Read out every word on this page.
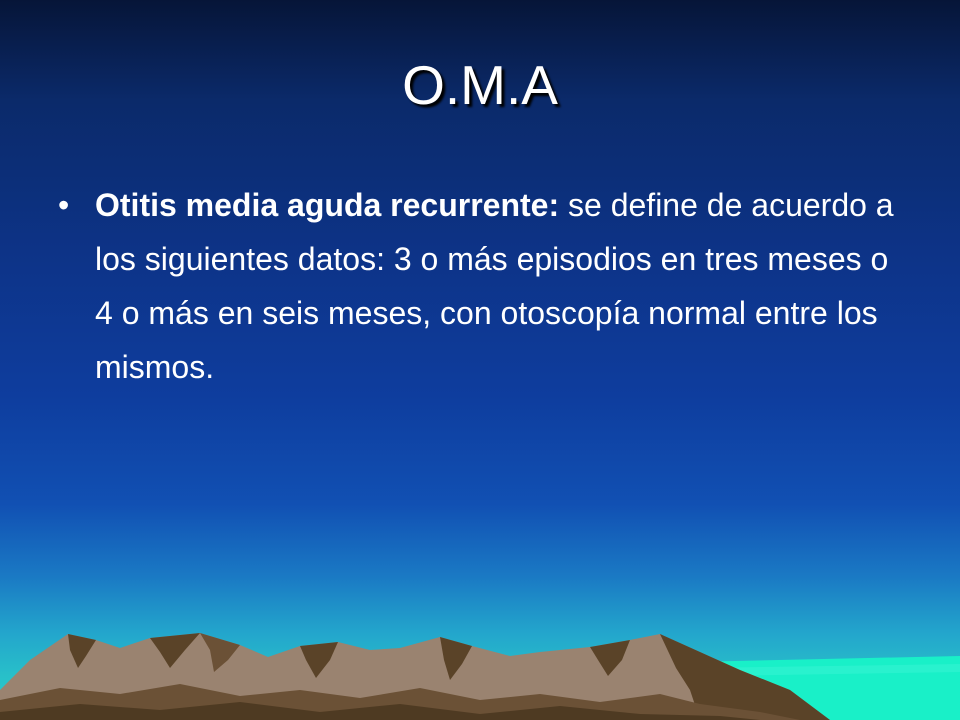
O.M.A
• Otitis media aguda recurrente: se define de acuerdo a los siguientes datos: 3 o más episodios en tres meses o 4 o más en seis meses, con otoscopía normal entre los mismos.
